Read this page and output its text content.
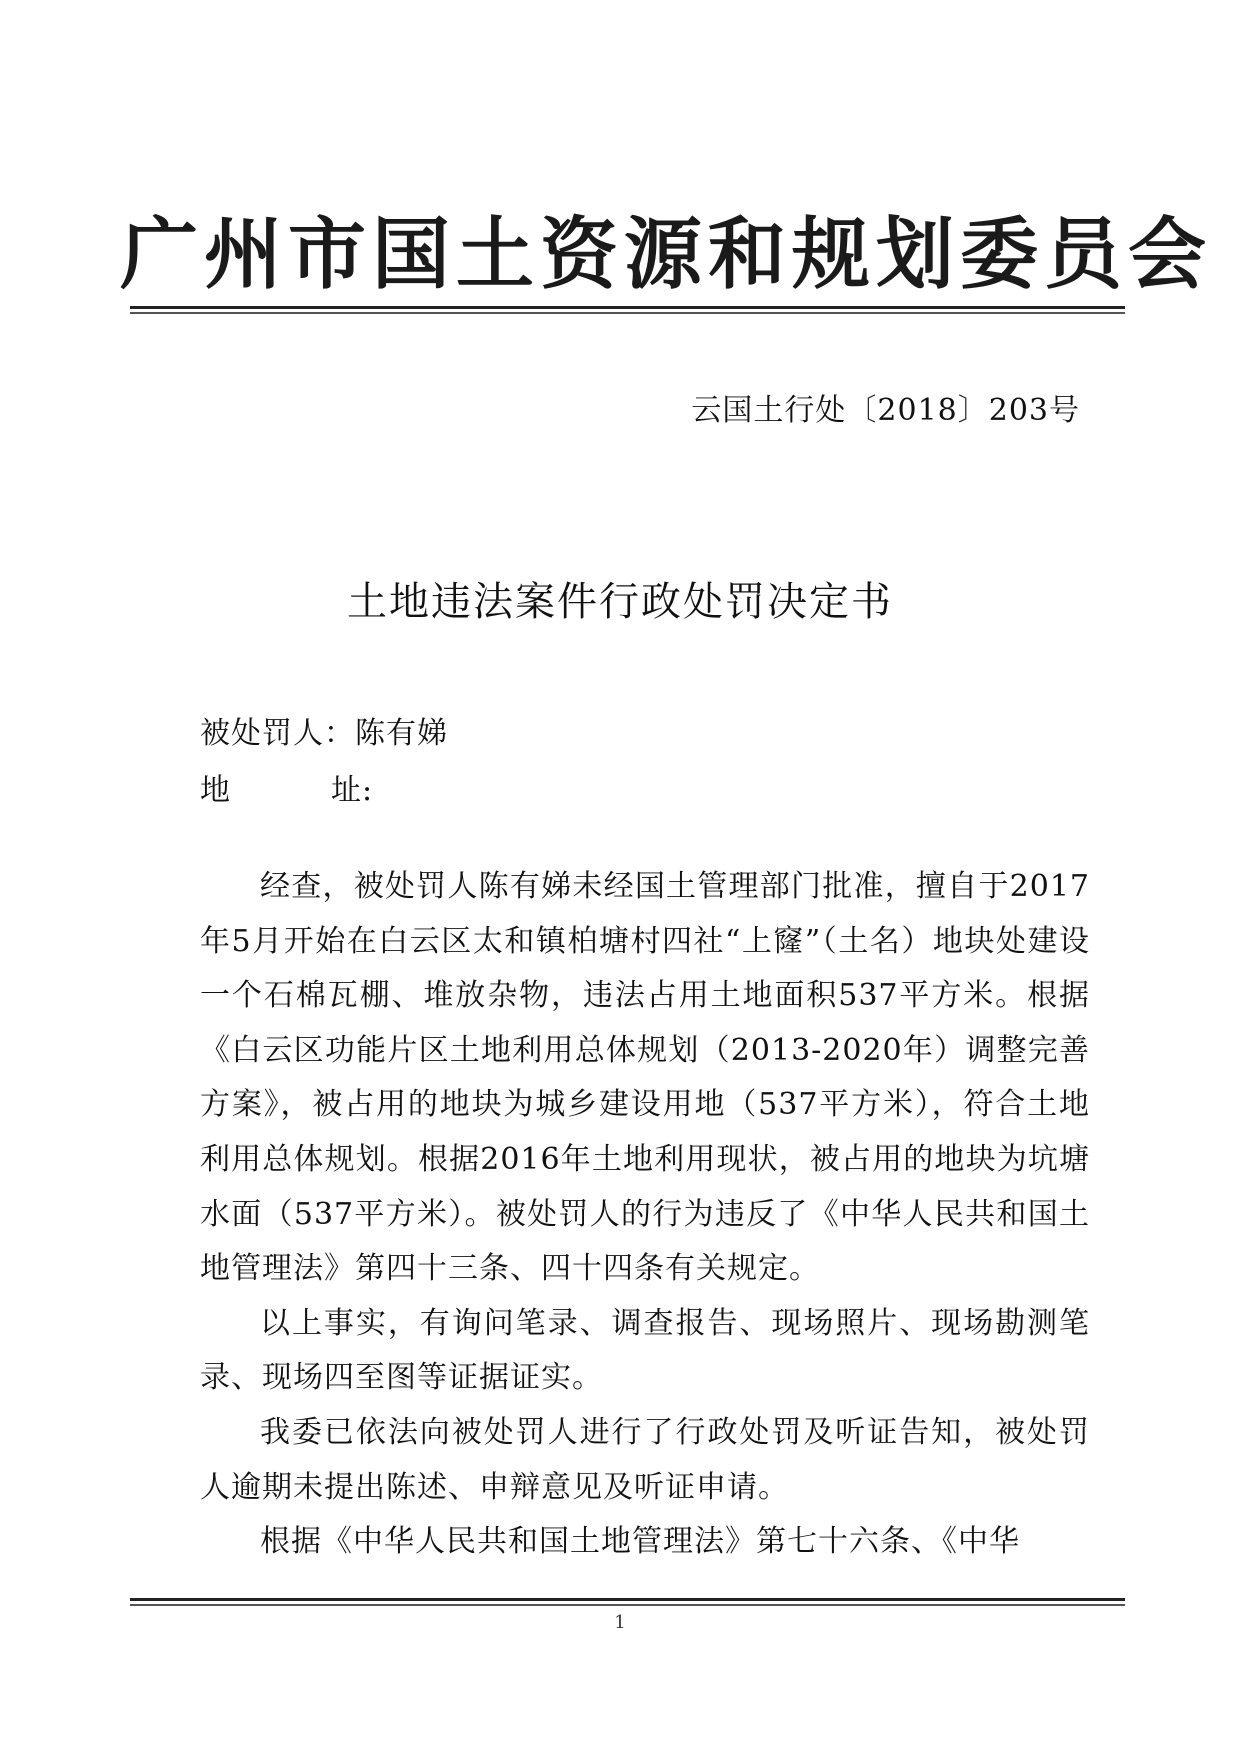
广州市国土资源和规划委员会
云国土行处〔2018〕203号
土地违法案件行政处罚决定书
被处罚人：陈有娣
地	址:

经查，被处罚人陈有娣未经国土管理部门批准，擅自于2017年5月开始在白云区太和镇柏塘村四社“上窿”（土名）地块处建设一个石棉瓦棚、堆放杂物，违法占用土地面积537平方米。根据《白云区功能片区土地利用总体规划（2013-2020年）调整完善方案》，被占用的地块为城乡建设用地（537平方米），符合土地利用总体规划。根据2016年土地利用现状，被占用的地块为坑塘水面（537平方米）。被处罚人的行为违反了《中华人民共和国土地管理法》第四十三条、四十四条有关规定。

以上事实，有询问笔录、调查报告、现场照片、现场勘测笔录、现场四至图等证据证实。

我委已依法向被处罚人进行了行政处罚及听证告知，被处罚人逾期未提出陈述、申辩意见及听证申请。

根据《中华人民共和国土地管理法》第七十六条、《中华

1
